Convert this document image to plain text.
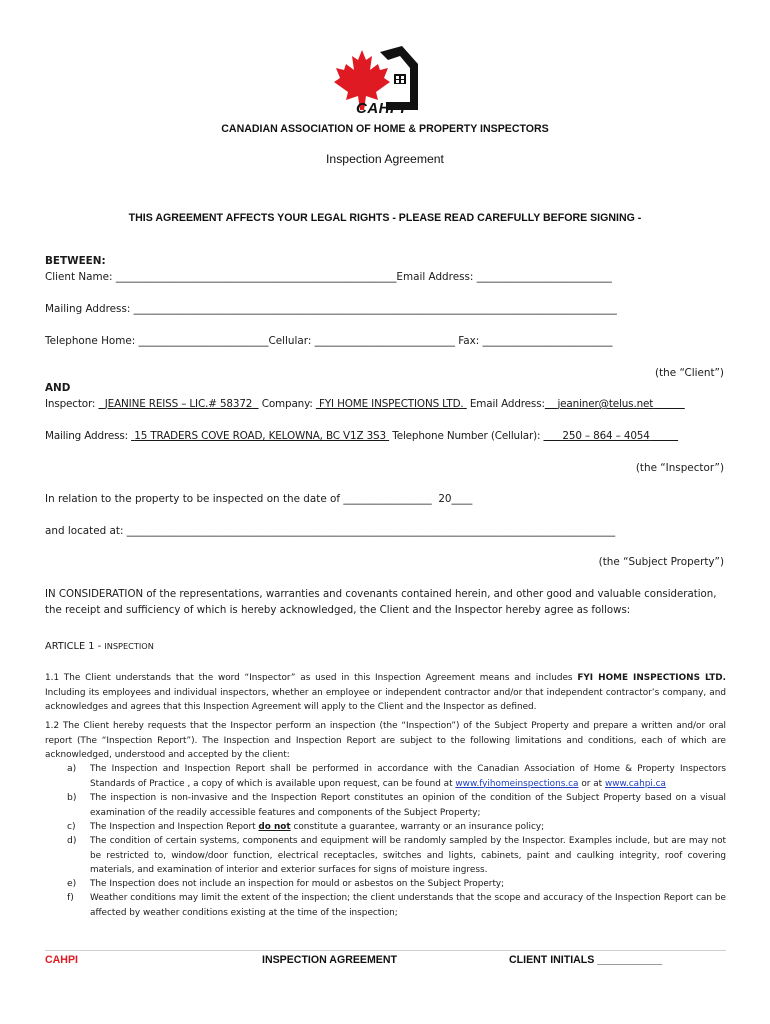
CAHPI
CANADIAN ASSOCIATION OF HOME & PROPERTY INSPECTORS
Inspection Agreement
THIS AGREEMENT AFFECTS YOUR LEGAL RIGHTS - PLEASE READ CAREFULLY BEFORE SIGNING -
BETWEEN:
Client Name: ______________________________________________________Email Address: __________________________
Mailing Address: _____________________________________________________________________________________________
Telephone Home: _________________________Cellular: ___________________________ Fax: _________________________
(the “Client”)
AND
Inspector: JEANINE REISS – LIC.# 58372 Company: FYI HOME INSPECTIONS LTD. Email Address: jeaniner@telus.net
Mailing Address: 15 TRADERS COVE ROAD, KELOWNA, BC V1Z 3S3 Telephone Number (Cellular): 250 – 864 – 4054
(the “Inspector”)
In relation to the property to be inspected on the date of _________________ 20____
and located at: ______________________________________________________________________________________________
(the “Subject Property”)
IN CONSIDERATION of the representations, warranties and covenants contained herein, and other good and valuable consideration, the receipt and sufficiency of which is hereby acknowledged, the Client and the Inspector hereby agree as follows:
ARTICLE 1 - INSPECTION
1.1 The Client understands that the word “Inspector” as used in this Inspection Agreement means and includes FYI HOME INSPECTIONS LTD. Including its employees and individual inspectors, whether an employee or independent contractor and/or that independent contractor’s company, and acknowledges and agrees that this Inspection Agreement will apply to the Client and the Inspector as defined.
1.2 The Client hereby requests that the Inspector perform an inspection (the “Inspection”) of the Subject Property and prepare a written and/or oral report (The “Inspection Report”). The Inspection and Inspection Report are subject to the following limitations and conditions, each of which are acknowledged, understood and accepted by the client:
a) The Inspection and Inspection Report shall be performed in accordance with the Canadian Association of Home & Property Inspectors Standards of Practice , a copy of which is available upon request, can be found at www.fyihomeinspections.ca or at www.cahpi.ca
b) The inspection is non-invasive and the Inspection Report constitutes an opinion of the condition of the Subject Property based on a visual examination of the readily accessible features and components of the Subject Property;
c) The Inspection and Inspection Report do not constitute a guarantee, warranty or an insurance policy;
d) The condition of certain systems, components and equipment will be randomly sampled by the Inspector. Examples include, but are may not be restricted to, window/door function, electrical receptacles, switches and lights, cabinets, paint and caulking integrity, roof covering materials, and examination of interior and exterior surfaces for signs of moisture ingress.
e) The Inspection does not include an inspection for mould or asbestos on the Subject Property;
f) Weather conditions may limit the extent of the inspection; the client understands that the scope and accuracy of the Inspection Report can be affected by weather conditions existing at the time of the inspection;
CAHPI	INSPECTION AGREEMENT	CLIENT INITIALS ___________
